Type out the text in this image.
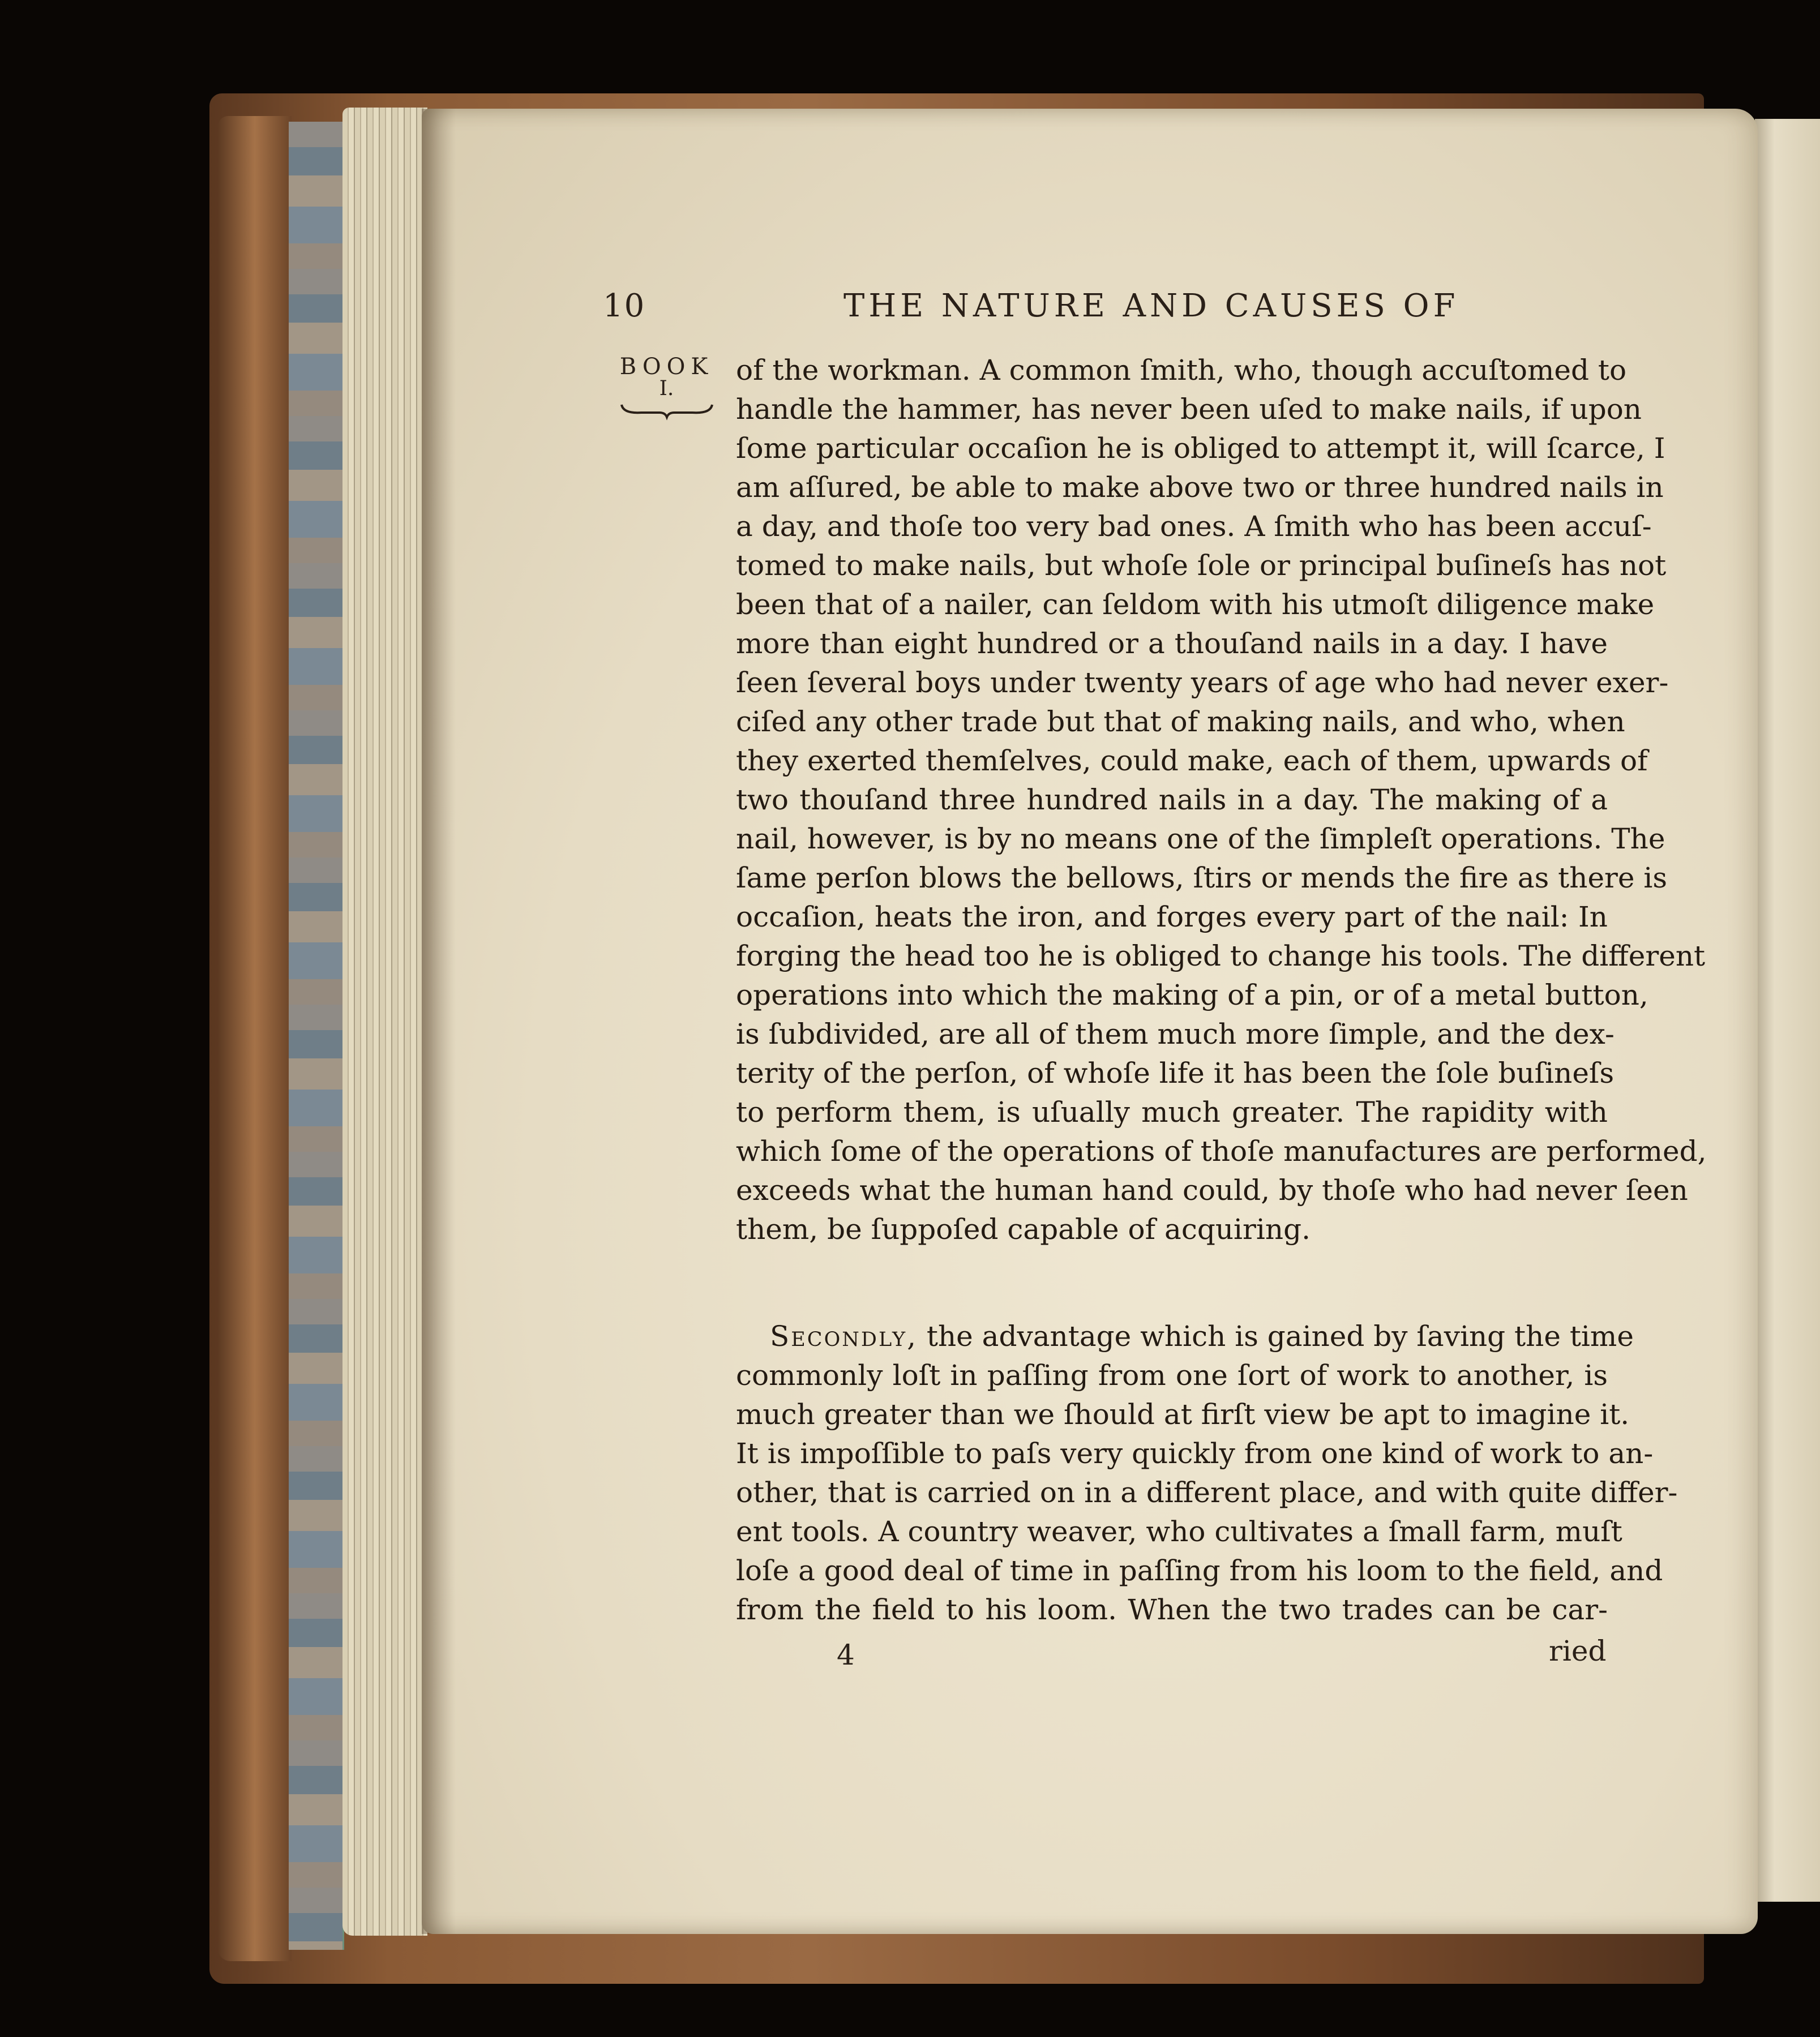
10	THE NATURE AND CAUSES OF
BOOK
I.
of the workman. A common ſmith, who, though accuſtomed to
handle the hammer, has never been uſed to make nails, if upon
ſome particular occaſion he is obliged to attempt it, will ſcarce, I
am aſſured, be able to make above two or three hundred nails in
a day, and thoſe too very bad ones. A ſmith who has been accuſ-
tomed to make nails, but whoſe ſole or principal buſineſs has not
been that of a nailer, can ſeldom with his utmoſt diligence make
more than eight hundred or a thouſand nails in a day. I have
ſeen ſeveral boys under twenty years of age who had never exer-
ciſed any other trade but that of making nails, and who, when
they exerted themſelves, could make, each of them, upwards of
two thouſand three hundred nails in a day. The making of a
nail, however, is by no means one of the ſimpleſt operations. The
ſame perſon blows the bellows, ſtirs or mends the fire as there is
occaſion, heats the iron, and forges every part of the nail: In
forging the head too he is obliged to change his tools. The different
operations into which the making of a pin, or of a metal button,
is ſubdivided, are all of them much more ſimple, and the dex-
terity of the perſon, of whoſe life it has been the ſole buſineſs
to perform them, is uſually much greater. The rapidity with
which ſome of the operations of thoſe manufactures are performed,
exceeds what the human hand could, by thoſe who had never ſeen
them, be ſuppoſed capable of acquiring.
Secondly, the advantage which is gained by ſaving the time
commonly loſt in paſſing from one ſort of work to another, is
much greater than we ſhould at firſt view be apt to imagine it.
It is impoſſible to paſs very quickly from one kind of work to an-
other, that is carried on in a different place, and with quite differ-
ent tools. A country weaver, who cultivates a ſmall farm, muſt
loſe a good deal of time in paſſing from his loom to the field, and
from the field to his loom. When the two trades can be car-
4	ried
